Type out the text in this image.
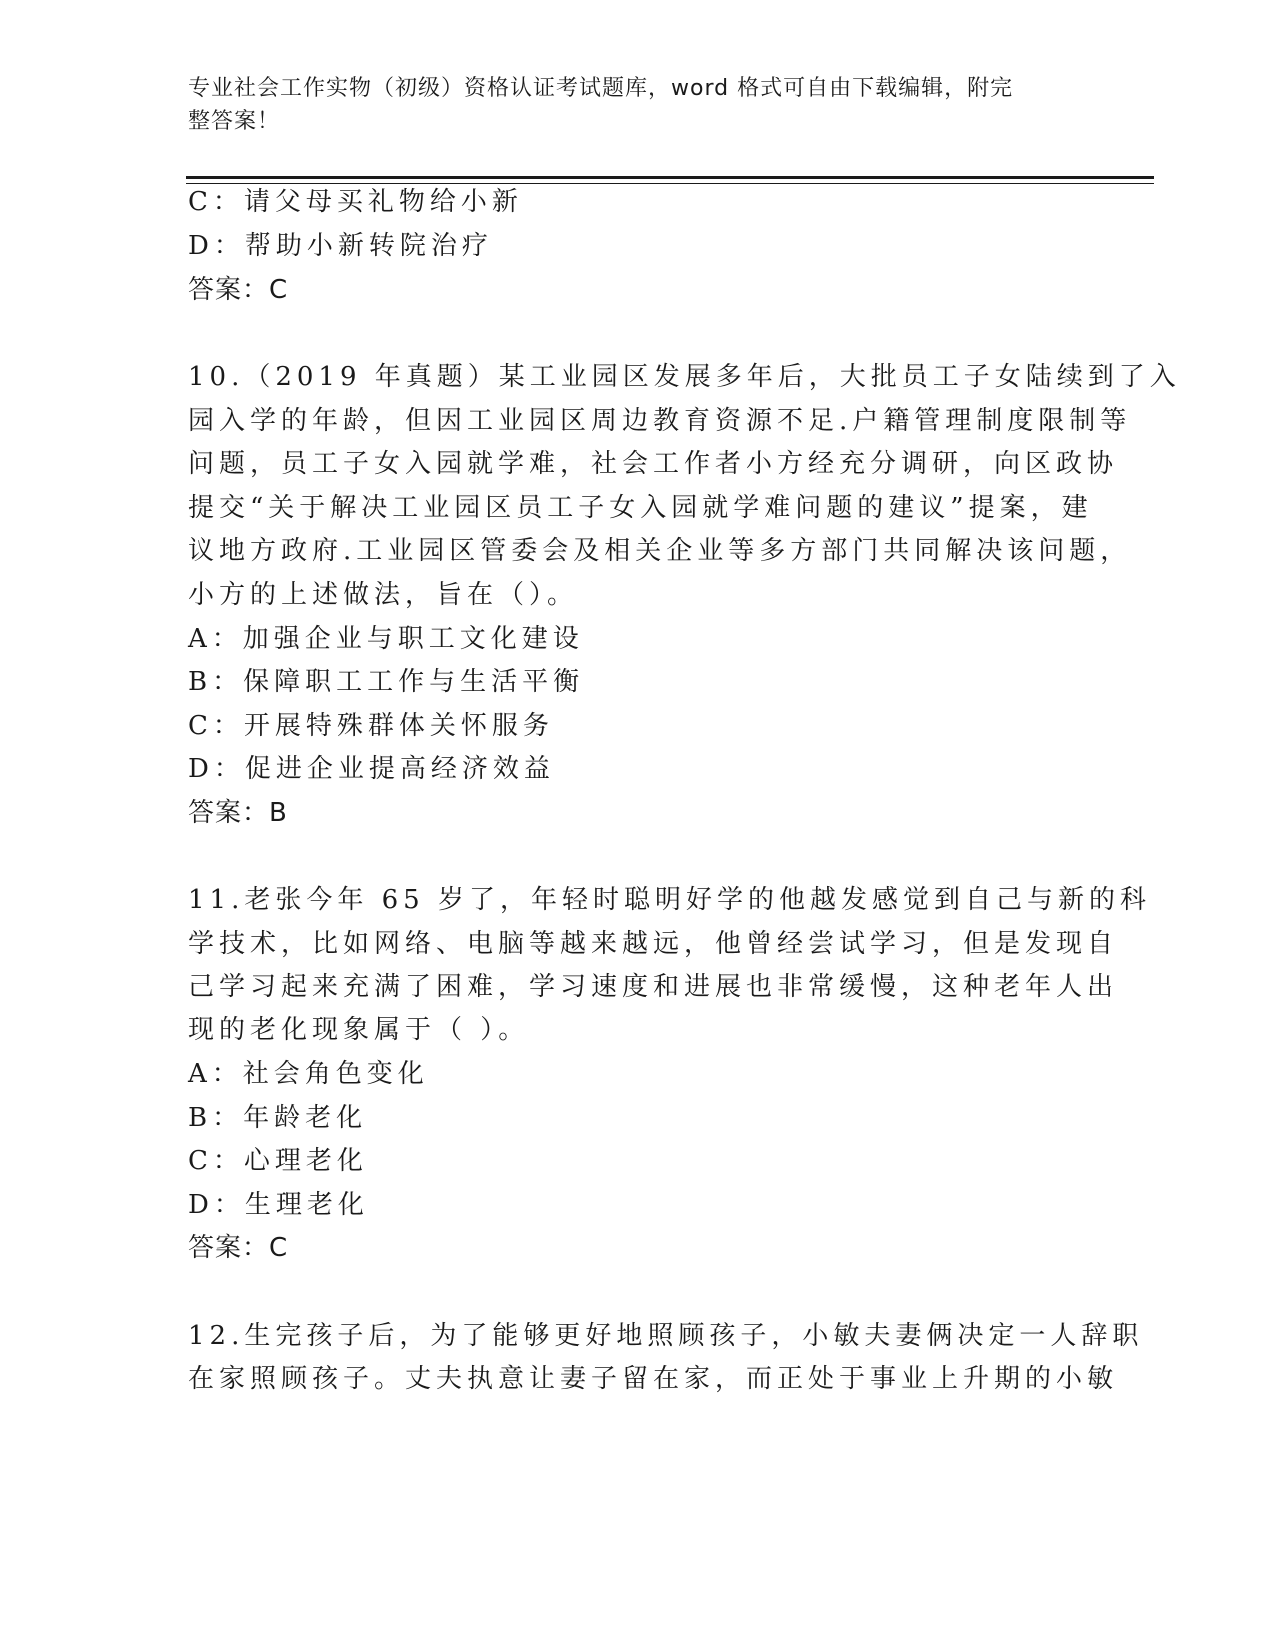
专业社会工作实物（初级）资格认证考试题库，word 格式可自由下载编辑，附完
整答案！
C：请父母买礼物给小新
D：帮助小新转院治疗
答案：C
10.（2019 年真题）某工业园区发展多年后，大批员工子女陆续到了入
园入学的年龄，但因工业园区周边教育资源不足.户籍管理制度限制等
问题，员工子女入园就学难，社会工作者小方经充分调研，向区政协
提交“关于解决工业园区员工子女入园就学难问题的建议”提案，建
议地方政府.工业园区管委会及相关企业等多方部门共同解决该问题，
小方的上述做法，旨在（）。
A：加强企业与职工文化建设
B：保障职工工作与生活平衡
C：开展特殊群体关怀服务
D：促进企业提高经济效益
答案：B
11.老张今年 65 岁了，年轻时聪明好学的他越发感觉到自己与新的科
学技术，比如网络、电脑等越来越远，他曾经尝试学习，但是发现自
己学习起来充满了困难，学习速度和进展也非常缓慢，这种老年人出
现的老化现象属于（ ）。
A：社会角色变化
B：年龄老化
C：心理老化
D：生理老化
答案：C
12.生完孩子后，为了能够更好地照顾孩子，小敏夫妻俩决定一人辞职
在家照顾孩子。丈夫执意让妻子留在家，而正处于事业上升期的小敏
